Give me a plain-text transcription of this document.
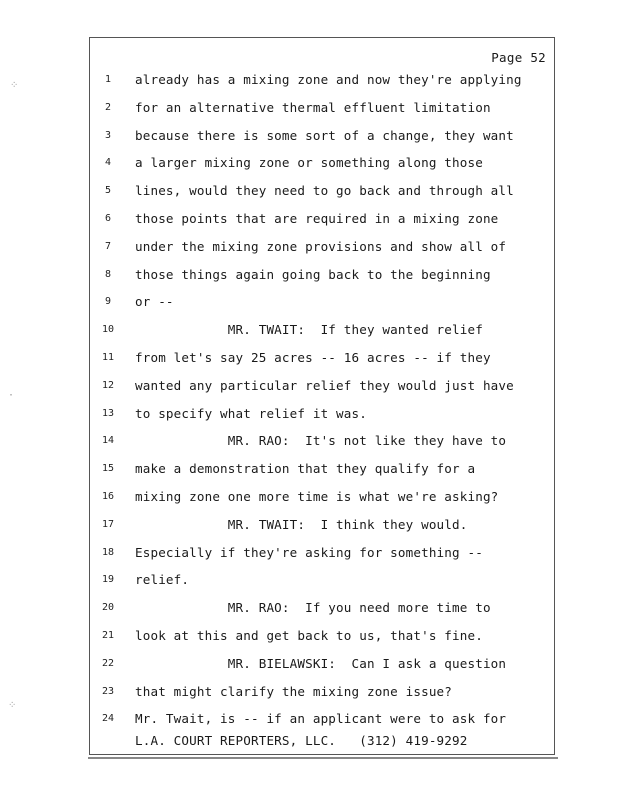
⁘
·
⁘
Page 52
1	already has a mixing zone and now they're applying
2	for an alternative thermal effluent limitation
3	because there is some sort of a change, they want
4	a larger mixing zone or something along those
5	lines, would they need to go back and through all
6	those points that are required in a mixing zone
7	under the mixing zone provisions and show all of
8	those things again going back to the beginning
9	or --
10	MR. TWAIT:  If they wanted relief
11	from let's say 25 acres -- 16 acres -- if they
12	wanted any particular relief they would just have
13	to specify what relief it was.
14	MR. RAO:  It's not like they have to
15	make a demonstration that they qualify for a
16	mixing zone one more time is what we're asking?
17	MR. TWAIT:  I think they would.
18	Especially if they're asking for something --
19	relief.
20	MR. RAO:  If you need more time to
21	look at this and get back to us, that's fine.
22	MR. BIELAWSKI:  Can I ask a question
23	that might clarify the mixing zone issue?
24	Mr. Twait, is -- if an applicant were to ask for
L.A. COURT REPORTERS, LLC.   (312) 419-9292
